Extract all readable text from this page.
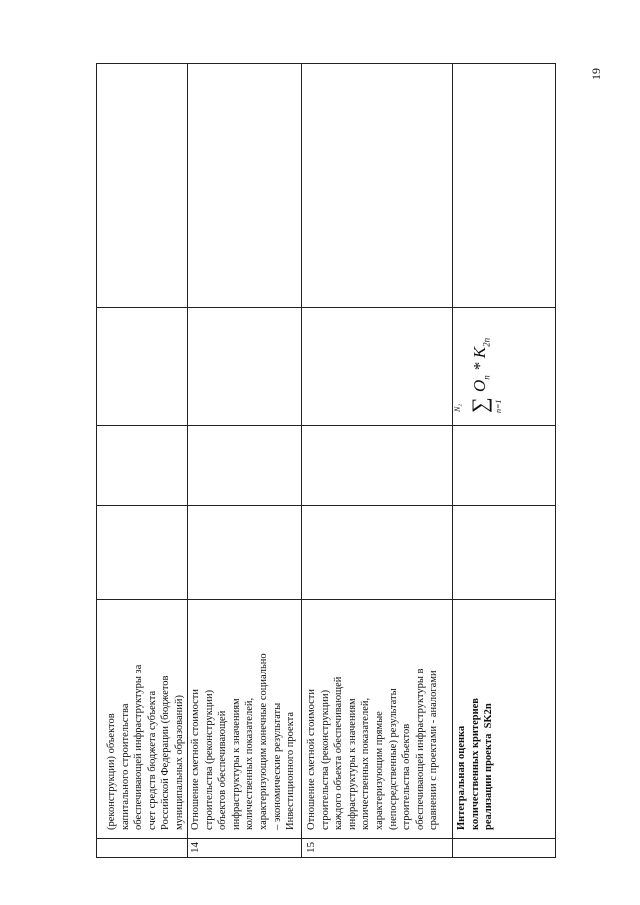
19
(реконструкции) объектов
капитального строительства
обеспечивающей инфраструктуры за
счет средств бюджета субъекта
Российской Федерации (бюджетов
муниципальных образований)
14
Отношение сметной стоимости
строительства (реконструкции)
объектов обеспечивающей
инфраструктуры к значениям
количественных показателей,
характеризующим конечные социально
– экономические результаты
Инвестиционного проекта
15
Отношение сметной стоимости
строительства (реконструкции)
каждого объекта обеспечивающей
инфраструктуры к значениям
количественных показателей,
характеризующим прямые
(непосредственные) результаты
строительства объектов
обеспечивающей инфраструктуры в
сравнении с проектами - аналогами
Интегральная оценка
количественных критериев
реализации проекта  SK2n
N₂ ∑ n=1
$O_n * K_{2n}$
